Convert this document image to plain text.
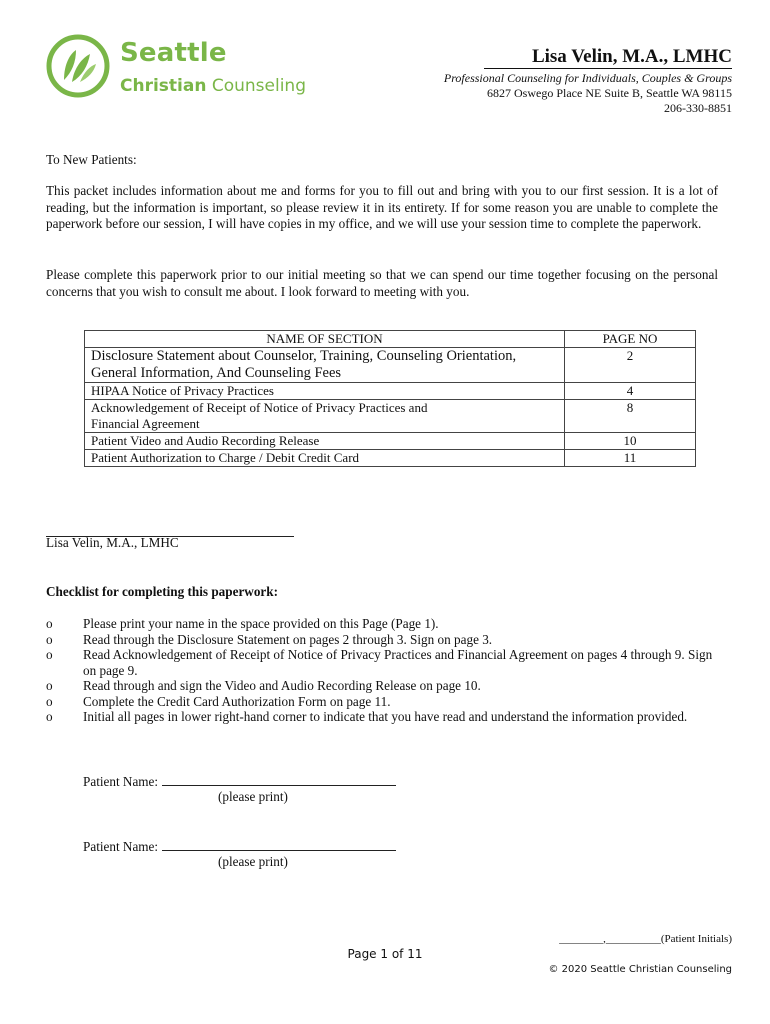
Seattle
Christian Counseling
Lisa Velin, M.A., LMHC
Professional Counseling for Individuals, Couples & Groups
6827 Oswego Place NE Suite B, Seattle WA 98115
206-330-8851
To New Patients:
This packet includes information about me and forms for you to fill out and bring with you to our first session. It is a lot of reading, but the information is important, so please review it in its entirety. If for some reason you are unable to complete the paperwork before our session, I will have copies in my office, and we will use your session time to complete the paperwork.
Please complete this paperwork prior to our initial meeting so that we can spend our time together focusing on the personal concerns that you wish to consult me about. I look forward to meeting with you.
NAME OF SECTION	PAGE NO
Disclosure Statement about Counselor, Training, Counseling Orientation, General Information, And Counseling Fees	2
HIPAA Notice of Privacy Practices	4
Acknowledgement of Receipt of Notice of Privacy Practices and Financial Agreement	8
Patient Video and Audio Recording Release	10
Patient Authorization to Charge / Debit Credit Card	11
Lisa Velin, M.A., LMHC
Checklist for completing this paperwork:
o	Please print your name in the space provided on this Page (Page 1).
o	Read through the Disclosure Statement on pages 2 through 3. Sign on page 3.
o	Read Acknowledgement of Receipt of Notice of Privacy Practices and Financial Agreement on pages 4 through 9. Sign on page 9.
o	Read through and sign the Video and Audio Recording Release on page 10.
o	Complete the Credit Card Authorization Form on page 11.
o	Initial all pages in lower right-hand corner to indicate that you have read and understand the information provided.
Patient Name:
(please print)
Patient Name:
(please print)
________,__________(Patient Initials)
Page 1 of 11
© 2020 Seattle Christian Counseling
